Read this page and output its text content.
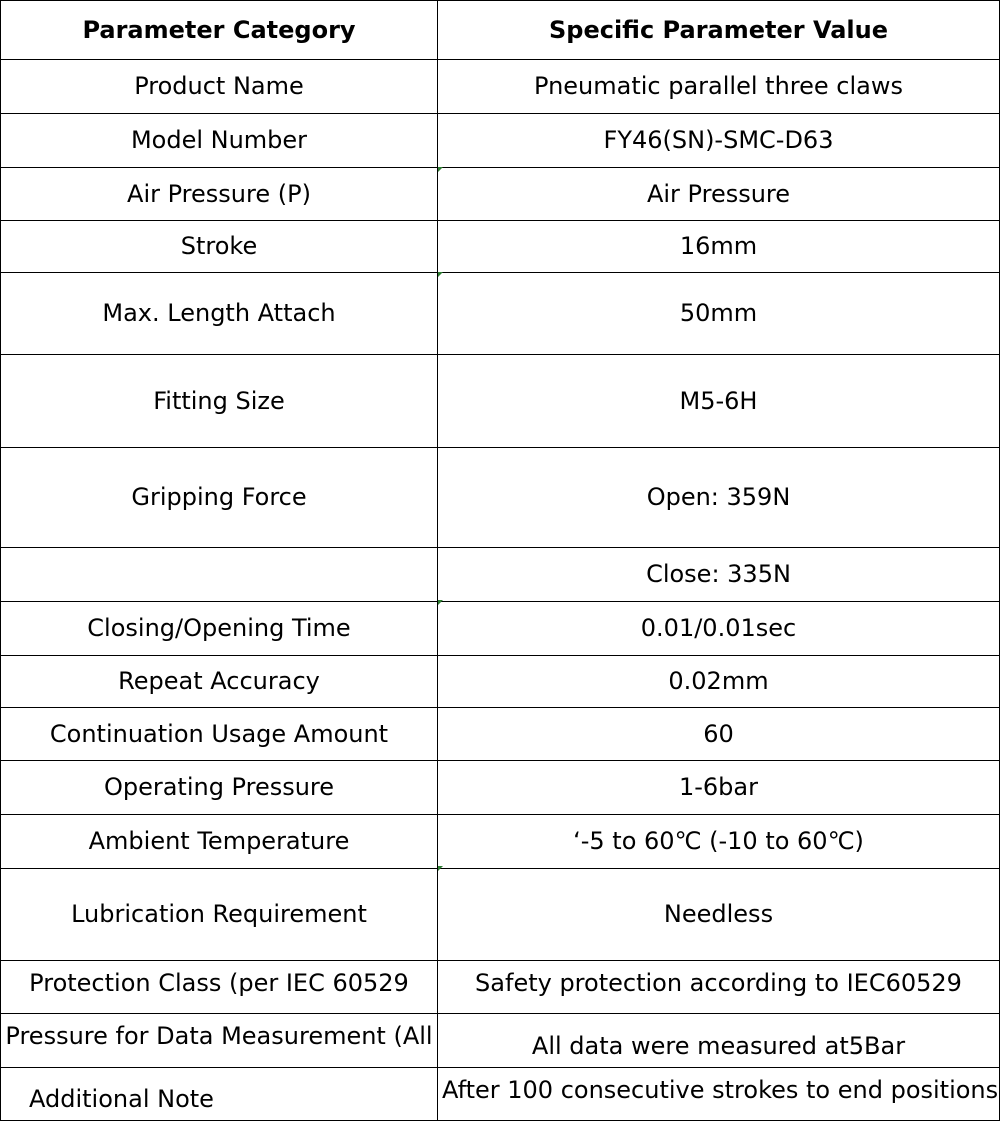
Parameter Category	Specific Parameter Value
Product Name	Pneumatic parallel three claws
Model Number	FY46(SN)-SMC-D63
Air Pressure (P)	Air Pressure
Stroke	16mm
Max. Length Attach	50mm
Fitting Size	M5-6H
Gripping Force	Open: 359N
	Close: 335N
Closing/Opening Time	0.01/0.01sec
Repeat Accuracy	0.02mm
Continuation Usage Amount	60
Operating Pressure	1-6bar
Ambient Temperature	‘-5 to 60℃ (-10 to 60℃)
Lubrication Requirement	Needless
Protection Class (per IEC 60529	Safety protection according to IEC60529
Pressure for Data Measurement (All	All data were measured at5Bar
Additional Note	After 100 consecutive strokes to end positions
